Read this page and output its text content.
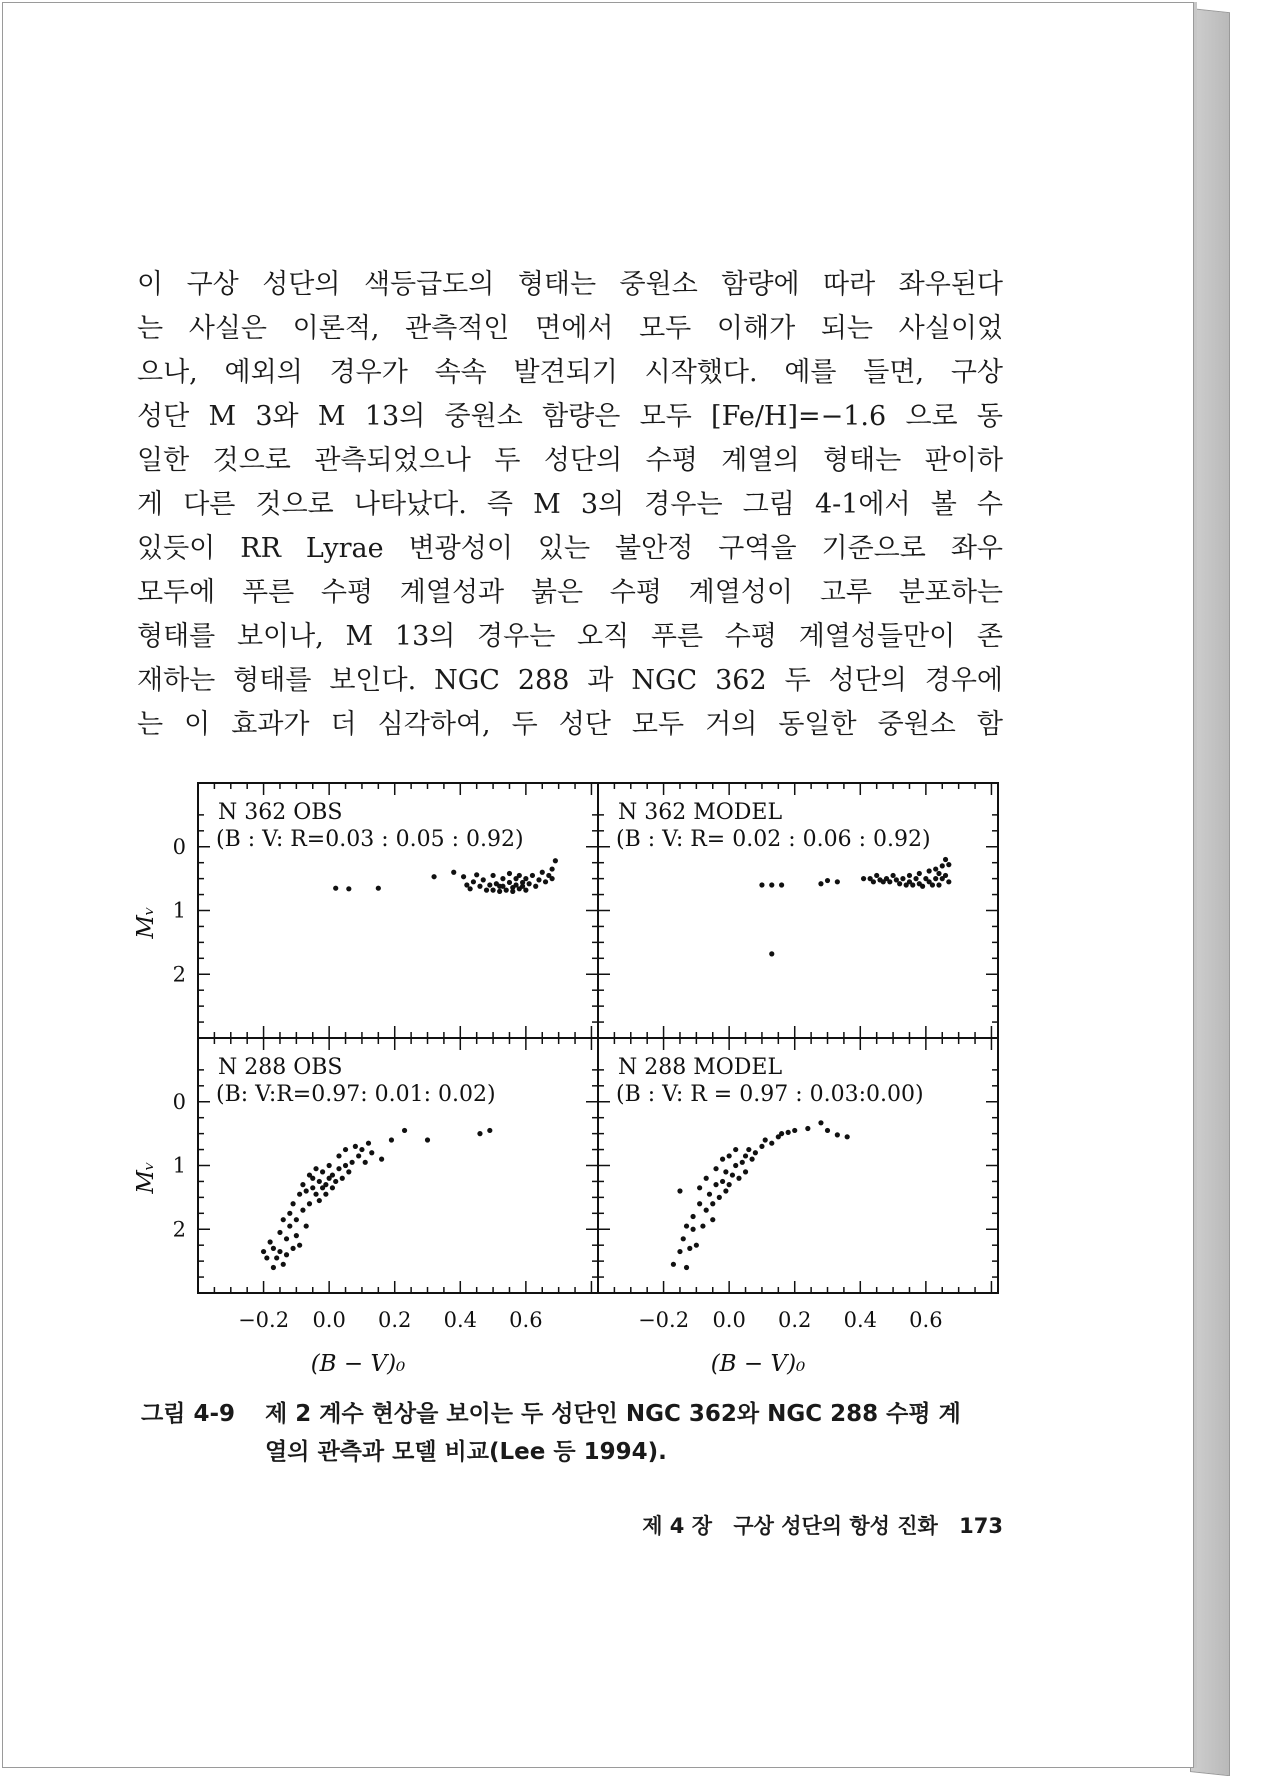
이 구상 성단의 색등급도의 형태는 중원소 함량에 따라 좌우된다
는 사실은 이론적, 관측적인 면에서 모두 이해가 되는 사실이었
으나, 예외의 경우가 속속 발견되기 시작했다. 예를 들면, 구상
성단 M 3와 M 13의 중원소 함량은 모두 [Fe/H]=−1.6 으로 동
일한 것으로 관측되었으나 두 성단의 수평 계열의 형태는 판이하
게 다른 것으로 나타났다. 즉 M 3의 경우는 그림 4-1에서 볼 수
있듯이 RR Lyrae 변광성이 있는 불안정 구역을 기준으로 좌우
모두에 푸른 수평 계열성과 붉은 수평 계열성이 고루 분포하는
형태를 보이나, M 13의 경우는 오직 푸른 수평 계열성들만이 존
재하는 형태를 보인다. NGC 288 과 NGC 362 두 성단의 경우에
는 이 효과가 더 심각하여, 두 성단 모두 거의 동일한 중원소 함

N 362 OBS
(B : V: R=0.03 : 0.05 : 0.92)
0
1
2
Mᵥ
N 362 MODEL
(B : V: R= 0.02 : 0.06 : 0.92)
N 288 OBS
(B: V:R=0.97: 0.01: 0.02)
0
1
2
Mᵥ
−0.2 0.0 0.2 0.4 0.6
(B − V)₀
N 288 MODEL
(B : V: R = 0.97 : 0.03:0.00)
−0.2 0.0 0.2 0.4 0.6
(B − V)₀
그림 4-9 제 2 계수 현상을 보이는 두 성단인 NGC 362와 NGC 288 수평 계
열의 관측과 모델 비교(Lee 등 1994).
제 4 장 구상 성단의 항성 진화 173
